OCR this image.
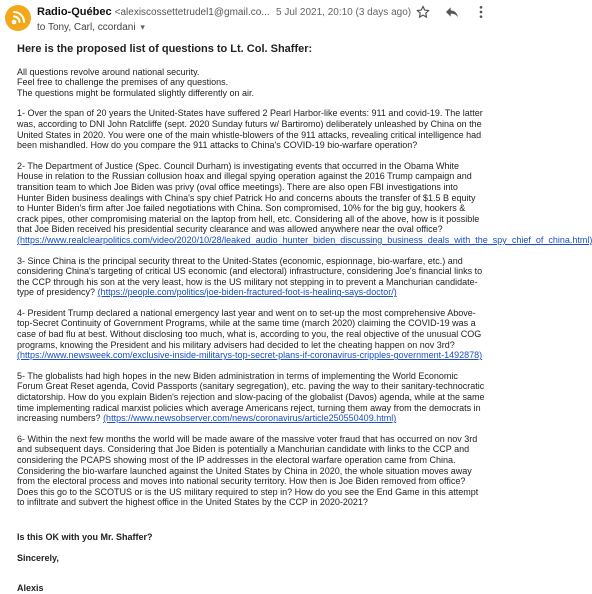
Radio-Québec <alexiscossettetrudel1@gmail.co...
to Tony, Carl, ccordani ▾
5 Jul 2021, 20:10 (3 days ago)

Here is the proposed list of questions to Lt. Col. Shaffer:

All questions revolve around national security.

Feel free to challenge the premises of any questions.

The questions might be formulated slightly differently on air.

1- Over the span of 20 years the United-States have suffered 2 Pearl Harbor-like events: 911 and covid-19. The latter was, according to DNI John Ratcliffe (sept. 2020 Sunday futurs w/ Bartiromo) deliberately unleashed by China on the United States in 2020. You were one of the main whistle-blowers of the 911 attacks, revealing critical intelligence had been mishandled. How do you compare the 911 attacks to China's COVID-19 bio-warfare operation?

2- The Department of Justice (Spec. Council Durham) is investigating events that occurred in the Obama White House in relation to the Russian collusion hoax and illegal spying operation against the 2016 Trump campaign and transition team to which Joe Biden was privy (oval office meetings). There are also open FBI investigations into Hunter Biden business dealings with China's spy chief Patrick Ho and concerns abouts the transfer of $1.5 B equity to Hunter Biden's firm after Joe failed negotiations with China. Son compromised, 10% for the big guy, hookers & crack pipes, other compromising material on the laptop from hell, etc. Considering all of the above, how is it possible that Joe Biden received his presidential security clearance and was allowed anywhere near the oval office? (https://www.realclearpolitics.com/video/2020/10/28/leaked_audio_hunter_biden_discussing_business_deals_with_the_spy_chief_of_china.html)

3- Since China is the principal security threat to the United-States (economic, espionnage, bio-warfare, etc.) and considering China's targeting of critical US economic (and electoral) infrastructure, considering Joe's financial links to the CCP through his son at the very least, how is the US military not stepping in to prevent a Manchurian candidate-type of presidency? (https://people.com/politics/joe-biden-fractured-foot-is-healing-says-doctor/)

4- President Trump declared a national emergency last year and went on to set-up the most comprehensive Above-top-Secret Continuity of Government Programs, while at the same time (march 2020) claiming the COVID-19 was a case of bad flu at best. Without disclosing too much, what is, according to you, the real objective of the unusual COG programs, knowing the President and his military advisers had decided to let the cheating happen on nov 3rd? (https://www.newsweek.com/exclusive-inside-militarys-top-secret-plans-if-coronavirus-cripples-government-1492878)

5- The globalists had high hopes in the new Biden administration in terms of implementing the World Economic Forum Great Reset agenda, Covid Passports (sanitary segregation), etc. paving the way to their sanitary-technocratic dictatorship. How do you explain Biden's rejection and slow-pacing of the globalist (Davos) agenda, while at the same time implementing radical marxist policies which average Americans reject, turning them away from the democrats in increasing numbers? (https://www.newsobserver.com/news/coronavirus/article250550409.html)

6- Within the next few months the world will be made aware of the massive voter fraud that has occurred on nov 3rd and subsequent days. Considering that Joe Biden is potentially a Manchurian candidate with links to the CCP and considering the PCAPS showing most of the IP addresses in the electoral warfare operation came from China. Considering the bio-warfare launched against the United States by China in 2020, the whole situation moves away from the electoral process and moves into national security territory. How then is Joe Biden removed from office? Does this go to the SCOTUS or is the US military required to step in? How do you see the End Game in this attempt to infiltrate and subvert the highest office in the United States by the CCP in 2020-2021?

Is this OK with you Mr. Shaffer?

Sincerely,

Alexis
